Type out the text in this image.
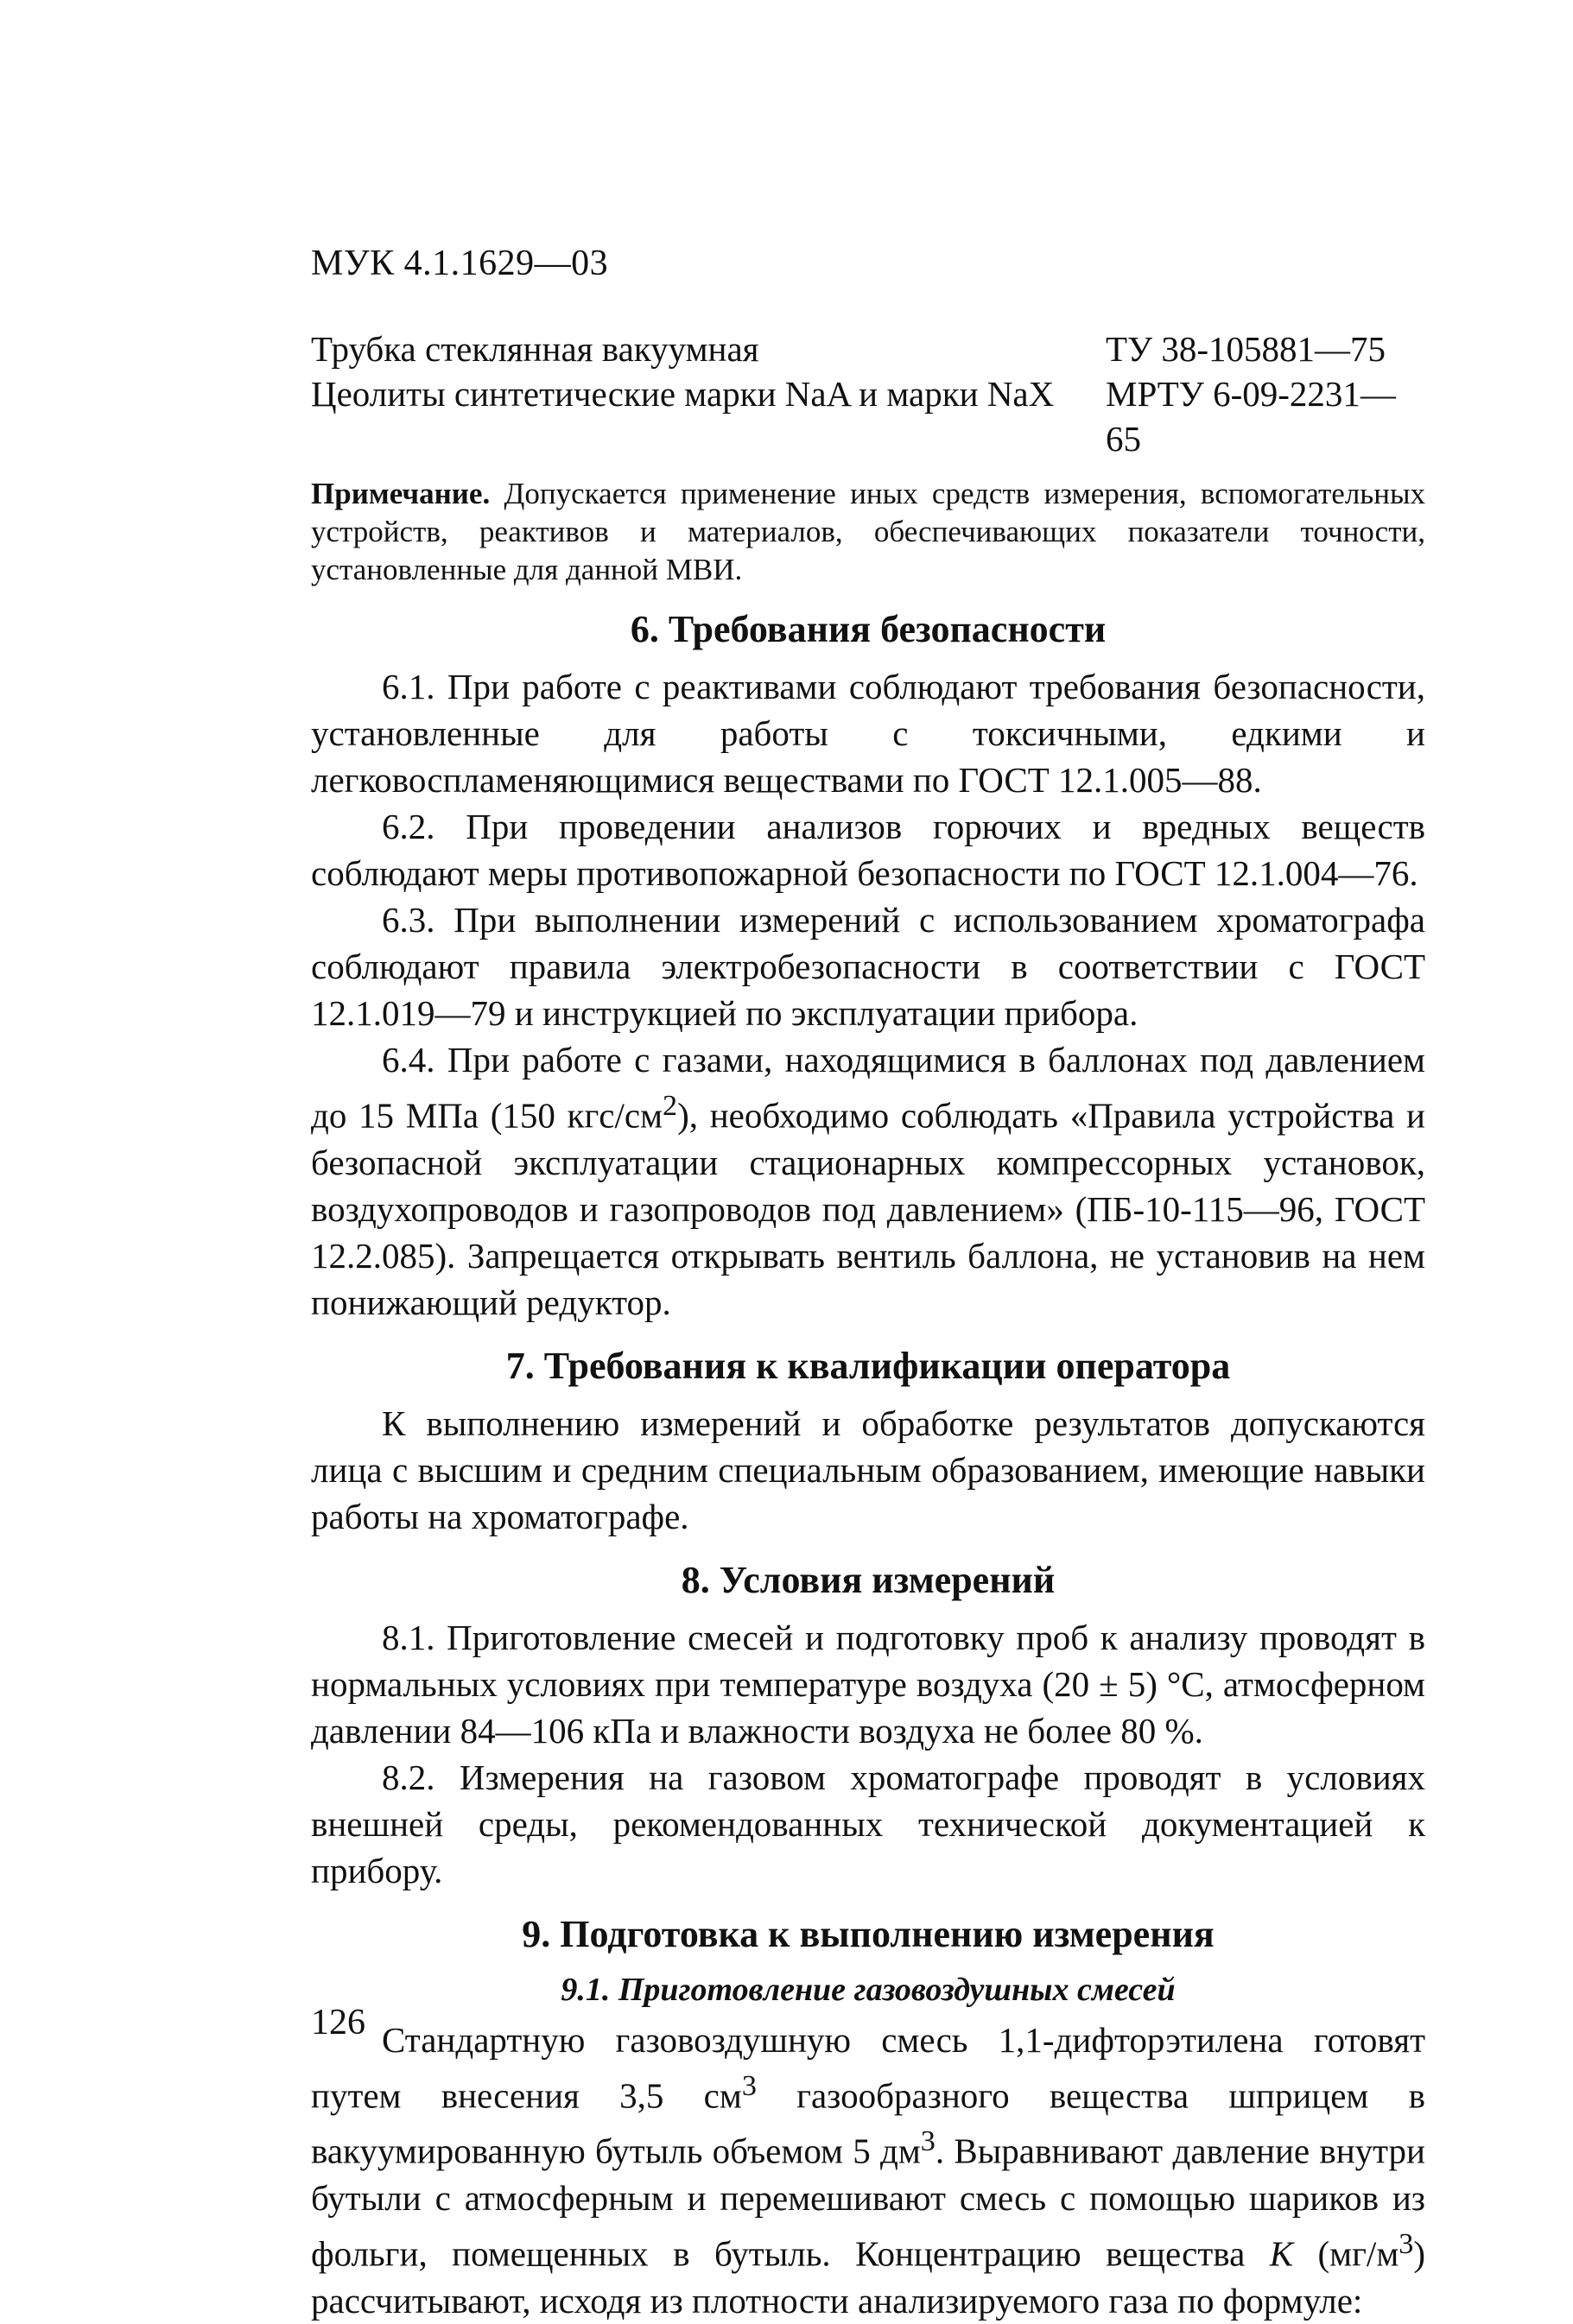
МУК 4.1.1629—03
Трубка стеклянная вакуумная	ТУ 38-105881—75
Цеолиты синтетические марки NaA и марки NaX МРТУ 6-09-2231—65
Примечание. Допускается применение иных средств измерения, вспомогательных устройств, реактивов и материалов, обеспечивающих показатели точности, установленные для данной МВИ.
6. Требования безопасности

6.1. При работе с реактивами соблюдают требования безопасности, установленные для работы с токсичными, едкими и легковоспламеняющимися веществами по ГОСТ 12.1.005—88.

6.2. При проведении анализов горючих и вредных веществ соблюдают меры противопожарной безопасности по ГОСТ 12.1.004—76.

6.3. При выполнении измерений с использованием хроматографа соблюдают правила электробезопасности в соответствии с ГОСТ 12.1.019—79 и инструкцией по эксплуатации прибора.

6.4. При работе с газами, находящимися в баллонах под давлением до 15 МПа (150 кгс/$см^2$), необходимо соблюдать «Правила устройства и безопасной эксплуатации стационарных компрессорных установок, воздухопроводов и газопроводов под давлением» (ПБ-10-115—96, ГОСТ 12.2.085). Запрещается открывать вентиль баллона, не установив на нем понижающий редуктор.

7. Требования к квалификации оператора

К выполнению измерений и обработке результатов допускаются лица с высшим и средним специальным образованием, имеющие навыки работы на хроматографе.

8. Условия измерений

8.1. Приготовление смесей и подготовку проб к анализу проводят в нормальных условиях при температуре воздуха (20 ± 5) °С, атмосферном давлении 84—106 кПа и влажности воздуха не более 80 %.

8.2. Измерения на газовом хроматографе проводят в условиях внешней среды, рекомендованных технической документацией к прибору.

9. Подготовка к выполнению измерения
9.1. Приготовление газовоздушных смесей

Стандартную газовоздушную смесь 1,1-дифторэтилена готовят путем внесения 3,5 $см^3$ газообразного вещества шприцем в вакуумированную бутыль объемом 5 $дм^3$. Выравнивают давление внутри бутыли с атмосферным и перемешивают смесь с помощью шариков из фольги, помещенных в бутыль. Концентрацию вещества К $(мг/м^3)$ рассчитывают, исходя из плотности анализируемого газа по формуле:

126
